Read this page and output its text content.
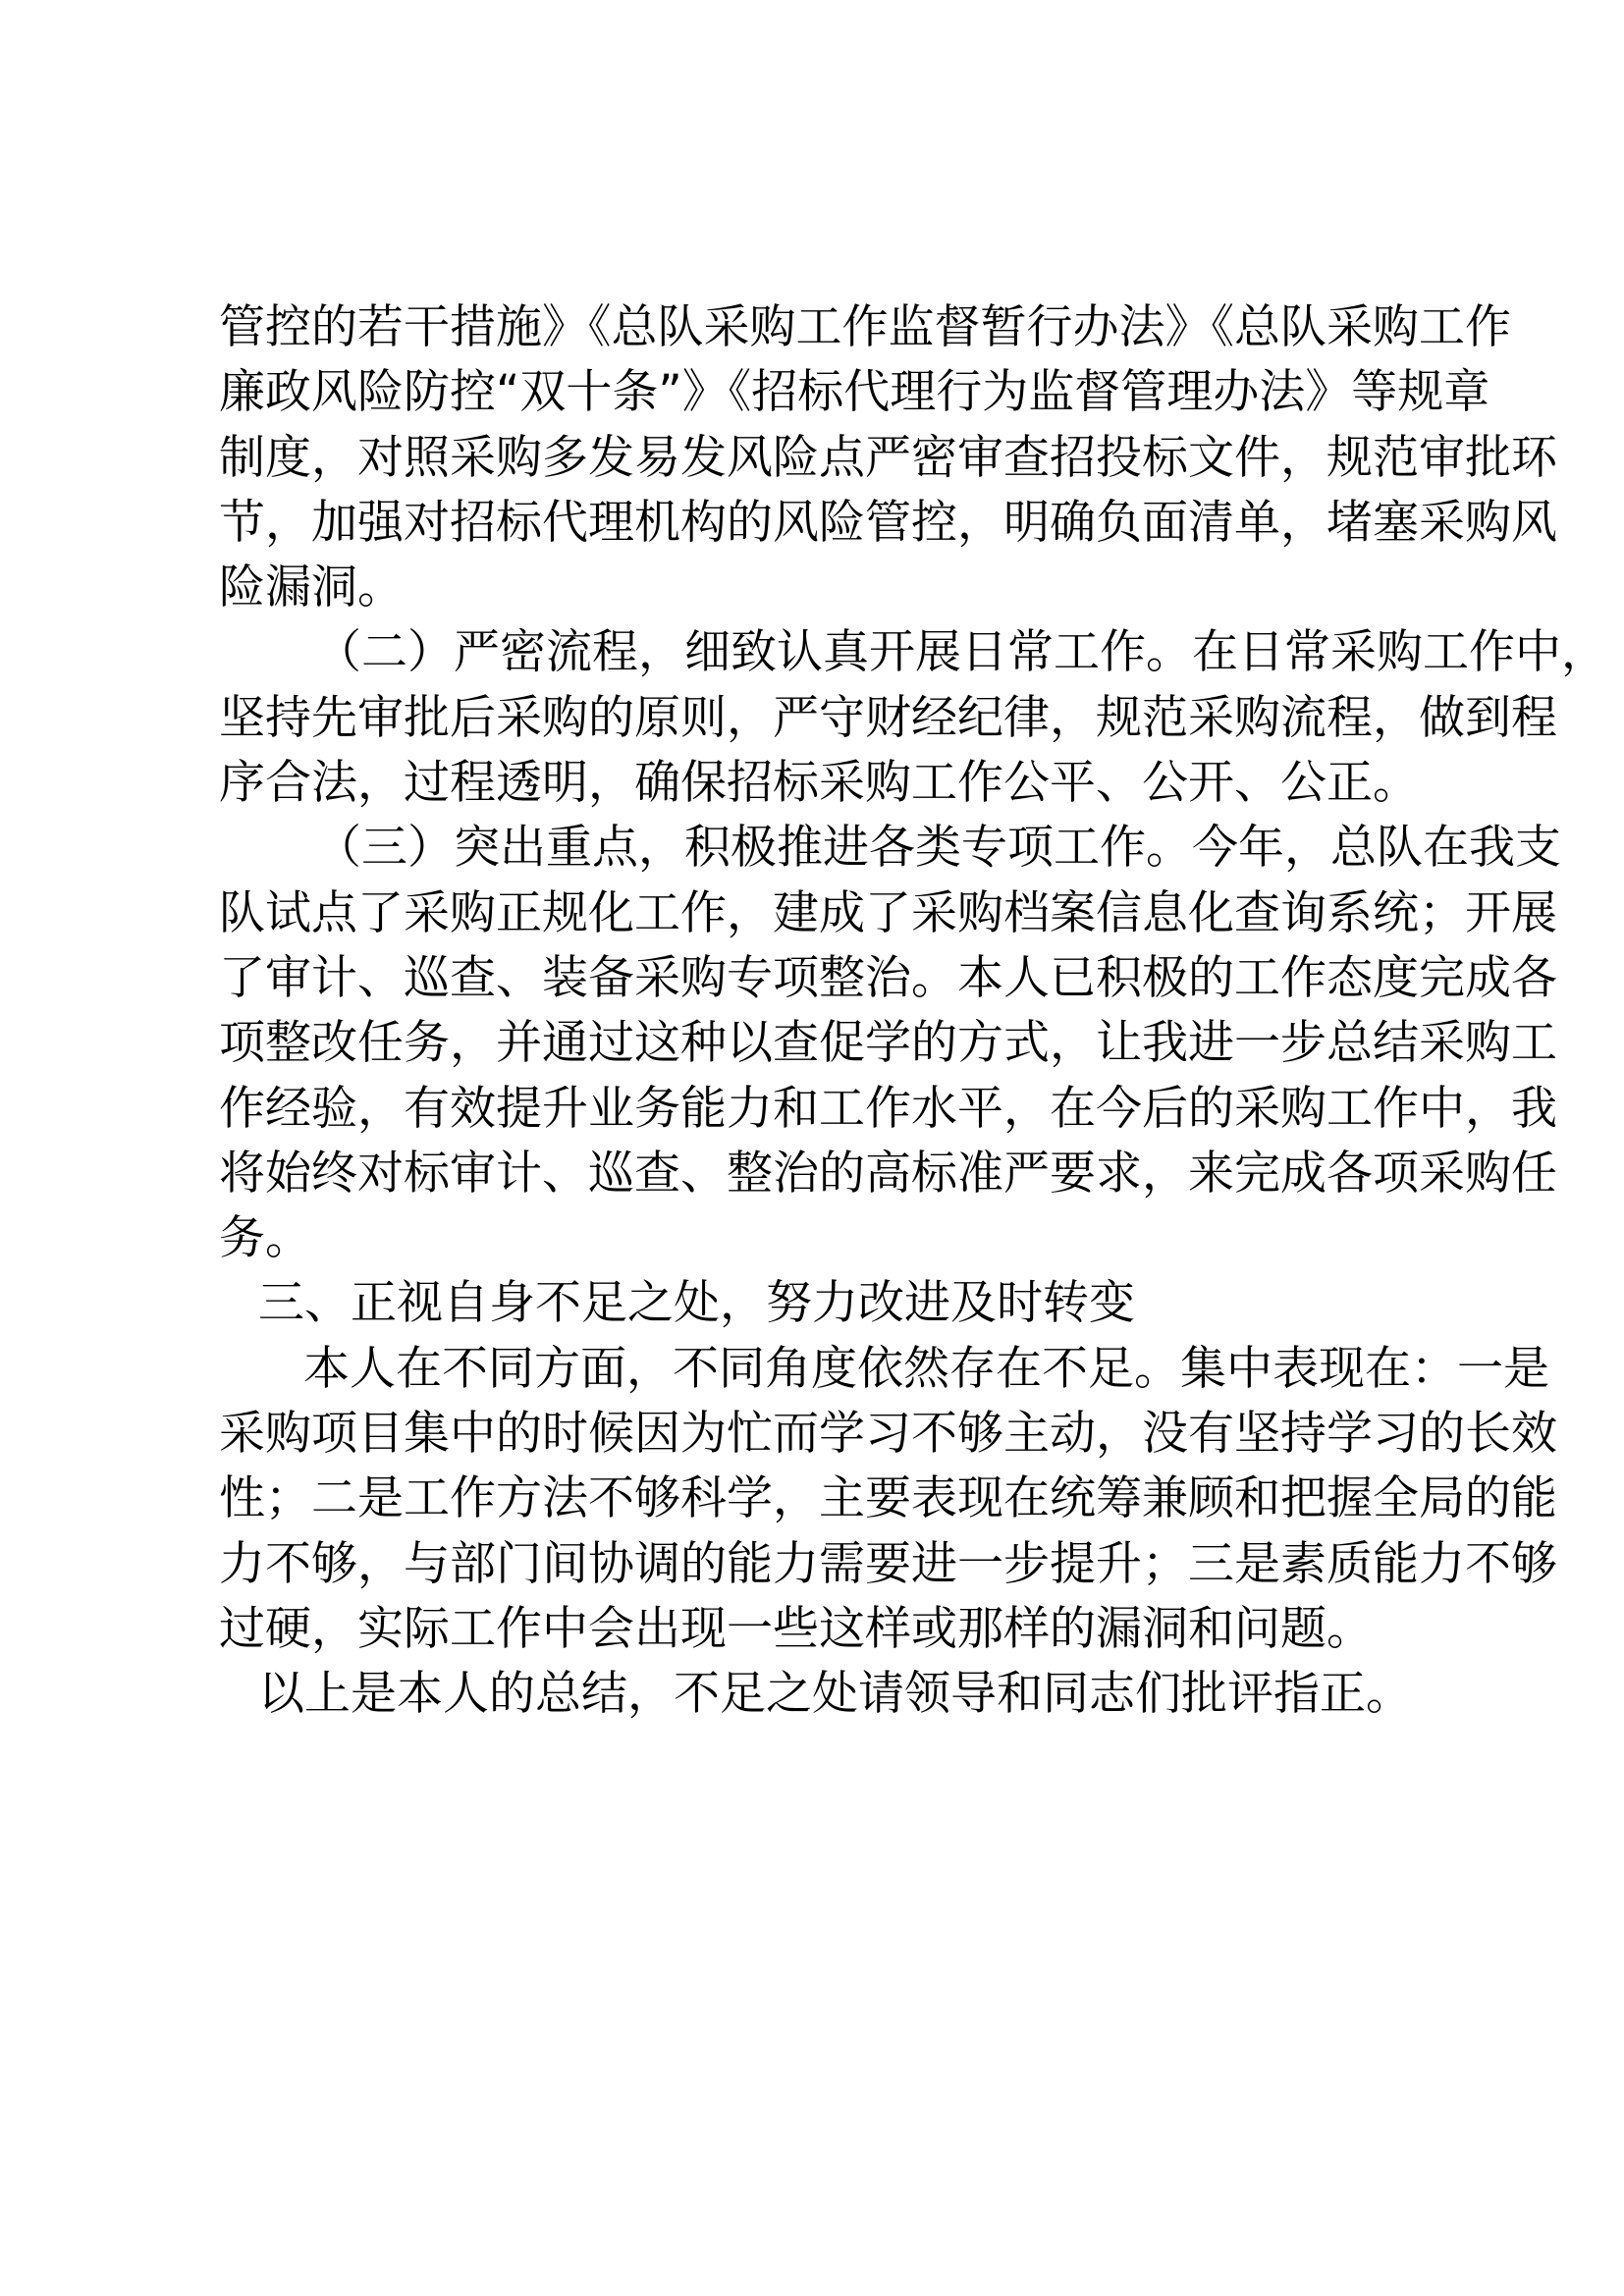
管控的若干措施》《总队采购工作监督暂行办法》《总队采购工作
廉政风险防控“双十条”》《招标代理行为监督管理办法》等规章
制度，对照采购多发易发风险点严密审查招投标文件，规范审批环
节，加强对招标代理机构的风险管控，明确负面清单，堵塞采购风
险漏洞。
（二）严密流程，细致认真开展日常工作。在日常采购工作中，
坚持先审批后采购的原则，严守财经纪律，规范采购流程，做到程
序合法，过程透明，确保招标采购工作公平、公开、公正。
（三）突出重点，积极推进各类专项工作。今年，总队在我支
队试点了采购正规化工作，建成了采购档案信息化查询系统；开展
了审计、巡查、装备采购专项整治。本人已积极的工作态度完成各
项整改任务，并通过这种以查促学的方式，让我进一步总结采购工
作经验，有效提升业务能力和工作水平，在今后的采购工作中，我
将始终对标审计、巡查、整治的高标准严要求，来完成各项采购任
务。
三、正视自身不足之处，努力改进及时转变
本人在不同方面，不同角度依然存在不足。集中表现在：一是
采购项目集中的时候因为忙而学习不够主动，没有坚持学习的长效
性；二是工作方法不够科学，主要表现在统筹兼顾和把握全局的能
力不够，与部门间协调的能力需要进一步提升；三是素质能力不够
过硬，实际工作中会出现一些这样或那样的漏洞和问题。
以上是本人的总结，不足之处请领导和同志们批评指正。
